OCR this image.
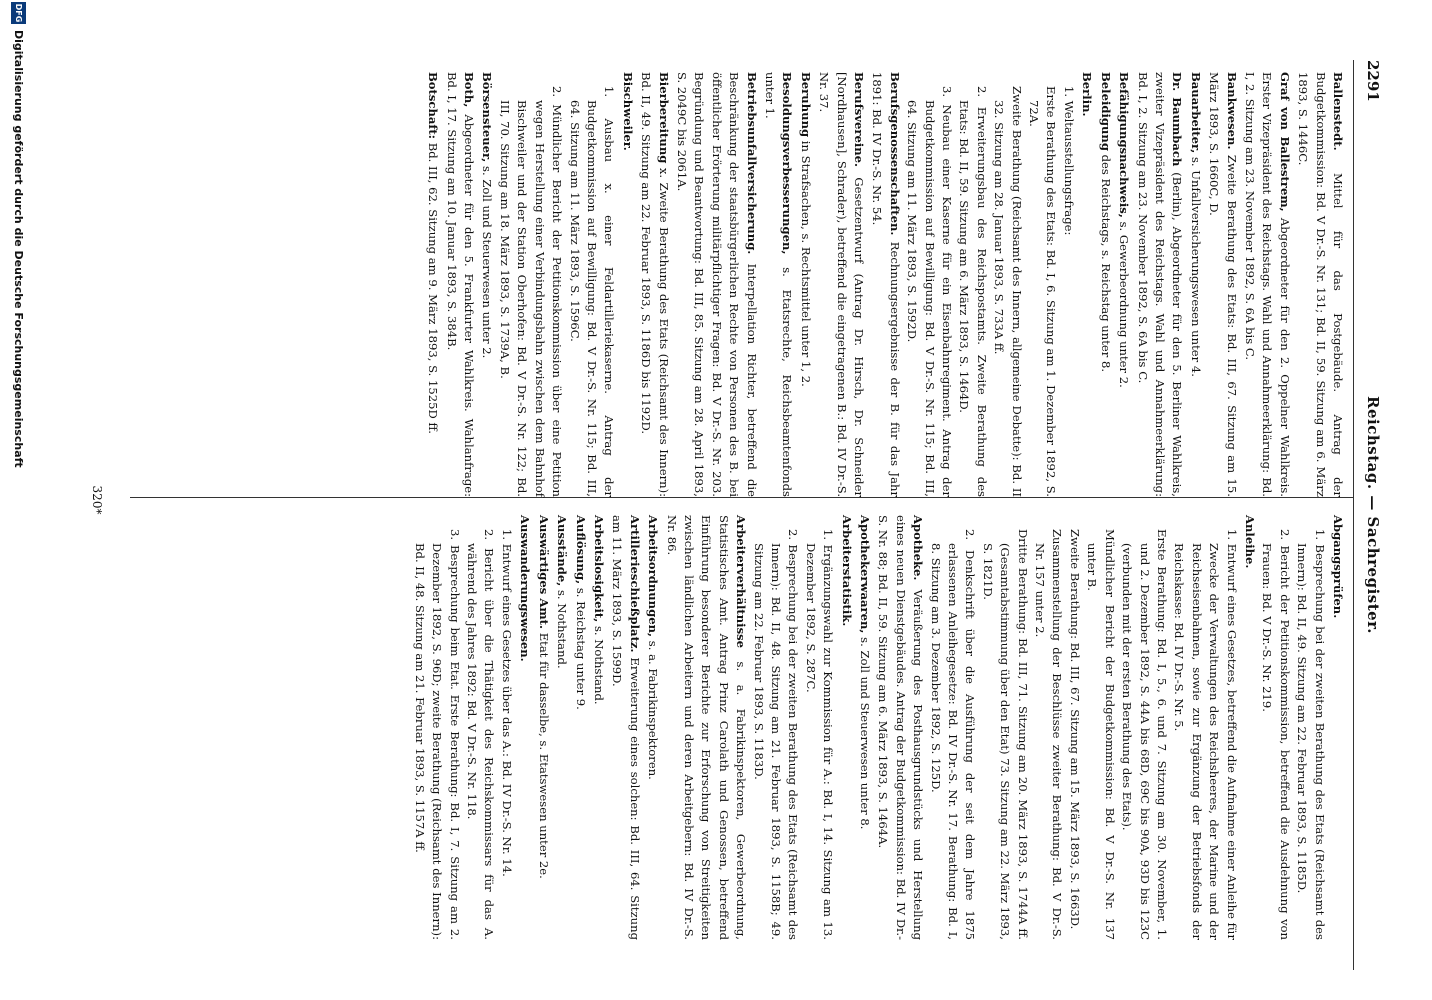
2291
Reichstag. — Sachregister.
Ballenstedt. Mittel für das Postgebäude. Antrag der Budgetkommission: Bd. V Dr.-S. Nr. 131; Bd. II, 59. Sitzung am 6. März 1893, S. 1446C.
Graf von Ballestrem, Abgeordneter für den 2. Oppelner Wahlkreis. Erster Vizepräsident des Reichstags. Wahl und Annahmeerklärung: Bd. I, 2. Sitzung am 23. November 1892, S. 6A bis C.
Bankwesen. Zweite Berathung des Etats: Bd. III, 67. Sitzung am 15. März 1893, S. 1660C, D.
Bauarbeiter, s. Unfallversicherungswesen unter 4.
Dr. Baumbach (Berlin), Abgeordneter für den 5. Berliner Wahlkreis, zweiter Vizepräsident des Reichstags. Wahl und Annahmeerklärung: Bd. I, 2. Sitzung am 23. November 1892, S. 6A bis C.
Befähigungsnachweis, s. Gewerbeordnung unter 2.
Beleidigung des Reichstags, s. Reichstag unter 8.
Berlin.

1. Weltausstellungsfrage:

Erste Berathung des Etats: Bd. I, 6. Sitzung am 1. Dezember 1892, S. 72A.

Zweite Berathung (Reichsamt des Innern, allgemeine Debatte): Bd. II 32. Sitzung am 28. Januar 1893, S. 733A ff.

2. Erweiterungsbau des Reichspostamts. Zweite Berathung des Etats: Bd. II, 59. Sitzung am 6. März 1893, S. 1464D.

3. Neubau einer Kaserne für ein Eisenbahnregiment. Antrag der Budgetkommission auf Bewilligung: Bd. V Dr.-S. Nr. 115; Bd. III, 64. Sitzung am 11. März 1893, S. 1592D.

Berufsgenossenschaften. Rechnungsergebnisse der B. für das Jahr 1891: Bd. IV Dr.-S. Nr. 54.
Berufsvereine. Gesetzentwurf (Antrag Dr. Hirsch, Dr. Schneider [Nordhausen], Schrader), betreffend die eingetragenen B.: Bd. IV Dr.-S. Nr. 37.
Beruhung in Strafsachen, s. Rechtsmittel unter 1, 2.
Besoldungsverbesserungen, s. Etatsrechte, Reichsbeamtenfonds unter 1.
Betriebsunfallversicherung. Interpellation Richter, betreffend die Beschränkung der staatsbürgerlichen Rechte von Personen des B. bei öffentlicher Erörterung militärpflichtiger Fragen: Bd. V Dr.-S. Nr. 203. Begründung und Beantwortung: Bd. III, 85. Sitzung am 28. April 1893, S. 2049C bis 2061A.
Bierbereitung x. Zweite Berathung des Etats (Reichsamt des Innern): Bd. II, 49. Sitzung am 22. Februar 1893, S. 1186D bis 1192D.
Bischweiler.

1. Ausbau x. einer Feldartilleriekaserne. Antrag der Budgetkommission auf Bewilligung: Bd. V Dr.-S. Nr. 115; Bd. III, 64. Sitzung am 11. März 1893, S. 1596C.

2. Mündlicher Bericht der Petitionskommission über eine Petition wegen Herstellung einer Verbindungsbahn zwischen dem Bahnhof Bischweiler und der Station Oberhofen: Bd. V Dr.-S. Nr. 122; Bd. III, 70. Sitzung am 18. März 1893, S. 1739A, B.

Börsensteuer, s. Zoll und Steuerwesen unter 2.
Both, Abgeordneter für den 5. Frankfurter Wahlkreis. Wahlanfrage: Bd. I, 17. Sitzung am 10. Januar 1893, S. 384B.
Botschaft: Bd. III, 62. Sitzung am 9. März 1893, S. 1525D ff.
Abgangsprüfen.

1. Besprechung bei der zweiten Berathung des Etats (Reichsamt des Innern): Bd. II, 49. Sitzung am 22. Februar 1893, S. 1185D.

2. Bericht der Petitionskommission, betreffend die Ausdehnung von Frauen: Bd. V Dr.-S. Nr. 219.

Anleihe.

1. Entwurf eines Gesetzes, betreffend die Aufnahme einer Anleihe für Zwecke der Verwaltungen des Reichsheeres, der Marine und der Reichseisenbahnen, sowie zur Ergänzung der Betriebsfonds der Reichskasse: Bd. IV Dr.-S. Nr. 5.

Erste Berathung: Bd. I, 5., 6. und 7. Sitzung am 30. November, 1. und 2. Dezember 1892, S. 44A bis 68D, 69C bis 90A, 93D bis 123C (verbunden mit der ersten Berathung des Etats).

Mündlicher Bericht der Budgetkommission: Bd. V Dr.-S. Nr. 137 unter B.

Zweite Berathung: Bd. III, 67. Sitzung am 15. März 1893, S. 1663D.

Zusammenstellung der Beschlüsse zweiter Berathung: Bd. V Dr.-S. Nr. 157 unter 2.

Dritte Berathung: Bd. III, 71. Sitzung am 20. März 1893, S. 1744A ff. (Gesamtabstimmung über den Etat) 73. Sitzung am 22. März 1893, S. 1821D.

2. Denkschrift über die Ausführung der seit dem Jahre 1875 erlassenen Anleihegesetze: Bd. IV Dr.-S. Nr. 17. Berathung: Bd. I, 8. Sitzung am 3. Dezember 1892, S. 125D.

Apotheke. Veräußerung des Posthausgrundstücks und Herstellung eines neuen Dienstgebäudes. Antrag der Budgetkommission: Bd. IV Dr.-S. Nr. 88; Bd. II, 59. Sitzung am 6. März 1893, S. 1464A.
Apothekerwaaren, s. Zoll und Steuerwesen unter 8.
Arbeiterstatistik.

1. Ergänzungswahl zur Kommission für A.: Bd. I, 14. Sitzung am 13. Dezember 1892, S. 287C.

2. Besprechung bei der zweiten Berathung des Etats (Reichsamt des Innern): Bd. II, 48. Sitzung am 21. Februar 1893, S. 1158B; 49. Sitzung am 22. Februar 1893, S. 1183D.

Arbeiterverhältnisse s. a. Fabrikinspektoren, Gewerbeordnung, Statistisches Amt. Antrag Prinz Carolath und Genossen, betreffend Einführung besonderer Berichte zur Erforschung von Streitigkeiten zwischen ländlichen Arbeitern und deren Arbeitgebern: Bd. IV Dr.-S. Nr. 86.
Arbeitsordnungen, s. a. Fabrikinspektoren.
Artillerieschießplatz. Erweiterung eines solchen: Bd. III, 64. Sitzung am 11. März 1893, S. 1599D.
Arbeitslosigkeit, s. Nothstand.
Auflösung, s. Reichstag unter 9.
Ausstände, s. Nothstand.
Auswärtiges Amt. Etat für dasselbe, s. Etatswesen unter 2e.
Auswanderungswesen.

1. Entwurf eines Gesetzes über das A.: Bd. IV Dr.-S. Nr. 14.

2. Bericht über die Thätigkeit des Reichskommissars für das A. während des Jahres 1892: Bd. V Dr.-S. Nr. 118.

3. Besprechung beim Etat. Erste Berathung: Bd. I, 7. Sitzung am 2. Dezember 1892, S. 96D; zweite Berathung (Reichsamt des Innern): Bd. II, 48. Sitzung am 21. Februar 1893, S. 1157A ff.

320*
DFG
Digitalisierung gefördert durch die Deutsche Forschungsgemeinschaft
